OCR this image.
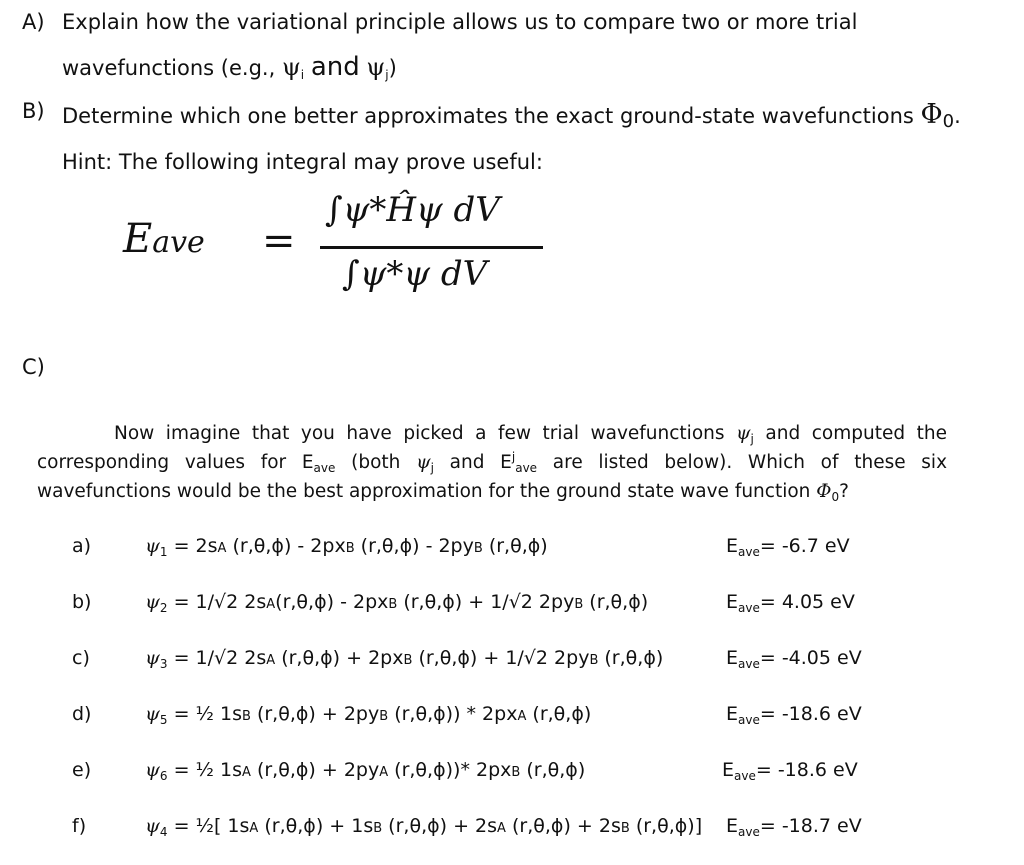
A) Explain how the variational principle allows us to compare two or more trial
wavefunctions (e.g., ψi and ψj)
B) Determine which one better approximates the exact ground-state wavefunctions Φ0.
Hint: The following integral may prove useful:
Eave =
∫ψ*Ĥψ dV
∫ψ*ψ dV
C)
Now imagine that you have picked a few trial wavefunctions $\psi_j$ and computed the corresponding values for $E_{ave}$ (both $\psi_j$ and $E^j_{ave}$ are listed below). Which of these six wavefunctions would be the best approximation for the ground state wave function $\Phi_0$?
a)	$\psi_1 = 2sA$ (r,θ,ϕ) - 2pxB (r,θ,ϕ) - 2pyB (r,θ,ϕ)	$E_{ave}= -6.7$ eV
b)	$\psi_2 = 1/√2$ 2sA(r,θ,ϕ) - 2pxB (r,θ,ϕ) + 1/√2 2pyB (r,θ,ϕ)	$E_{ave}= 4.05$ eV
c)	$\psi_3 = 1/√2$ 2sA (r,θ,ϕ) + 2pxB (r,θ,ϕ) + 1/√2 2pyB (r,θ,ϕ)	$E_{ave}= -4.05$ eV
d)	$\psi_5$ = ½ 1sB (r,θ,ϕ) + 2pyB (r,θ,ϕ)) * 2pxA (r,θ,ϕ)	$E_{ave}= -18.6$ eV
e)	$\psi_6$ = ½ 1sA (r,θ,ϕ) + 2pyA (r,θ,ϕ))* 2pxB (r,θ,ϕ)	$E_{ave}= -18.6$ eV
f)	$\psi_4$ = ½[ 1sA (r,θ,ϕ) + 1sB (r,θ,ϕ) + 2sA (r,θ,ϕ) + 2sB (r,θ,ϕ)] $E_{ave}= -18.7$ eV
